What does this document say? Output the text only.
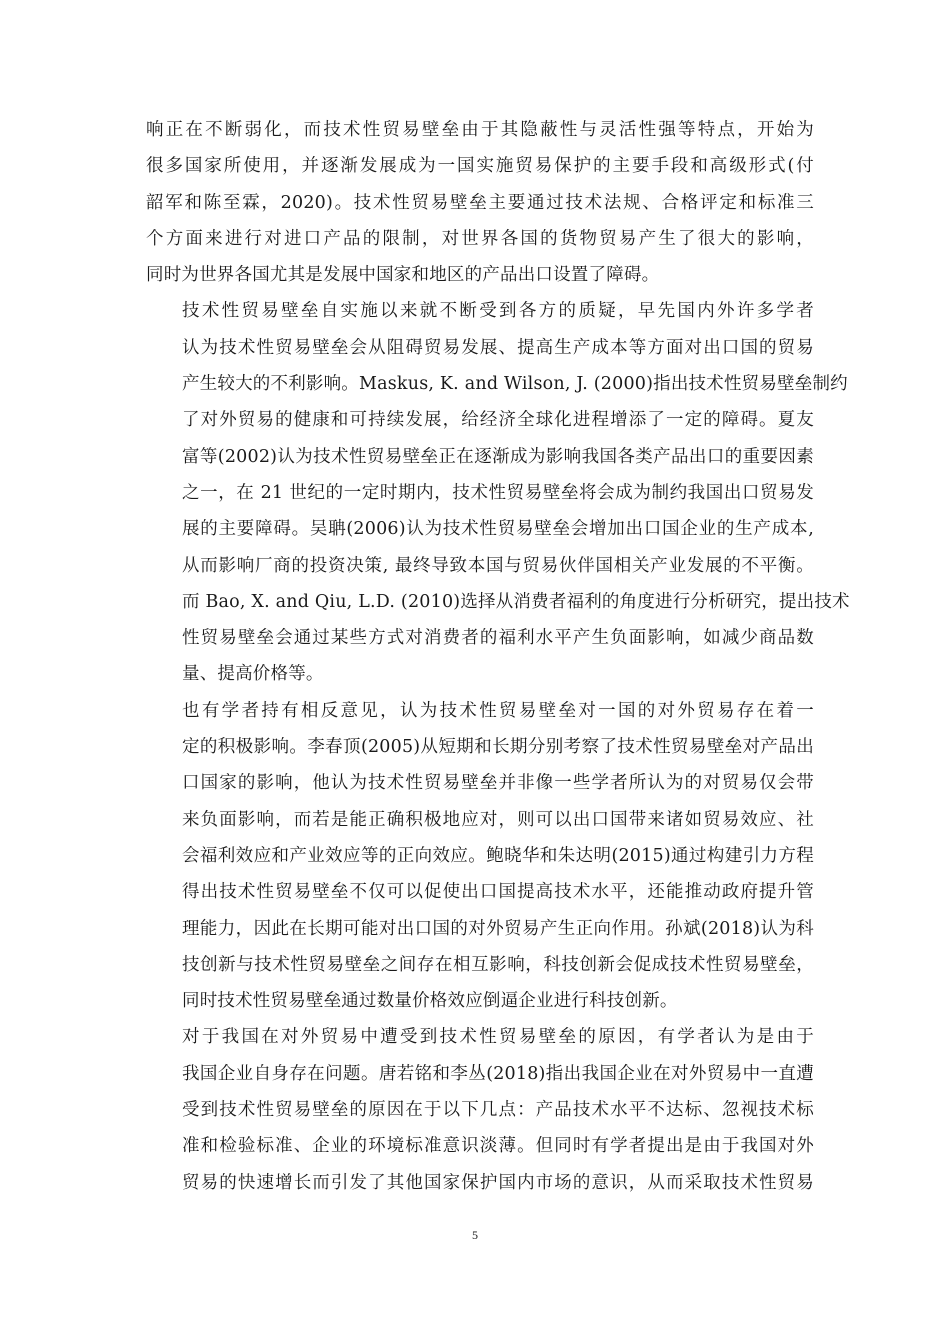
响正在不断弱化，而技术性贸易壁垒由于其隐蔽性与灵活性强等特点，开始为
很多国家所使用，并逐渐发展成为一国实施贸易保护的主要手段和高级形式(付
韶军和陈至霖，2020)。技术性贸易壁垒主要通过技术法规、合格评定和标准三
个方面来进行对进口产品的限制，对世界各国的货物贸易产生了很大的影响，
同时为世界各国尤其是发展中国家和地区的产品出口设置了障碍。

技术性贸易壁垒自实施以来就不断受到各方的质疑，早先国内外许多学者
认为技术性贸易壁垒会从阻碍贸易发展、提高生产成本等方面对出口国的贸易
产生较大的不利影响。Maskus, K. and Wilson, J. (2000)指出技术性贸易壁垒制约
了对外贸易的健康和可持续发展，给经济全球化进程增添了一定的障碍。夏友
富等(2002)认为技术性贸易壁垒正在逐渐成为影响我国各类产品出口的重要因素
之一，在 21 世纪的一定时期内，技术性贸易壁垒将会成为制约我国出口贸易发
展的主要障碍。吴聃(2006)认为技术性贸易壁垒会增加出口国企业的生产成本,
从而影响厂商的投资决策, 最终导致本国与贸易伙伴国相关产业发展的不平衡。
而 Bao, X. and Qiu, L.D. (2010)选择从消费者福利的角度进行分析研究，提出技术
性贸易壁垒会通过某些方式对消费者的福利水平产生负面影响，如减少商品数
量、提高价格等。

也有学者持有相反意见，认为技术性贸易壁垒对一国的对外贸易存在着一
定的积极影响。李春顶(2005)从短期和长期分别考察了技术性贸易壁垒对产品出
口国家的影响，他认为技术性贸易壁垒并非像一些学者所认为的对贸易仅会带
来负面影响，而若是能正确积极地应对，则可以出口国带来诸如贸易效应、社
会福利效应和产业效应等的正向效应。鲍晓华和朱达明(2015)通过构建引力方程
得出技术性贸易壁垒不仅可以促使出口国提高技术水平，还能推动政府提升管
理能力，因此在长期可能对出口国的对外贸易产生正向作用。孙斌(2018)认为科
技创新与技术性贸易壁垒之间存在相互影响，科技创新会促成技术性贸易壁垒，
同时技术性贸易壁垒通过数量价格效应倒逼企业进行科技创新。

对于我国在对外贸易中遭受到技术性贸易壁垒的原因，有学者认为是由于
我国企业自身存在问题。唐若铭和李丛(2018)指出我国企业在对外贸易中一直遭
受到技术性贸易壁垒的原因在于以下几点：产品技术水平不达标、忽视技术标
准和检验标准、企业的环境标准意识淡薄。但同时有学者提出是由于我国对外
贸易的快速增长而引发了其他国家保护国内市场的意识，从而采取技术性贸易

5
